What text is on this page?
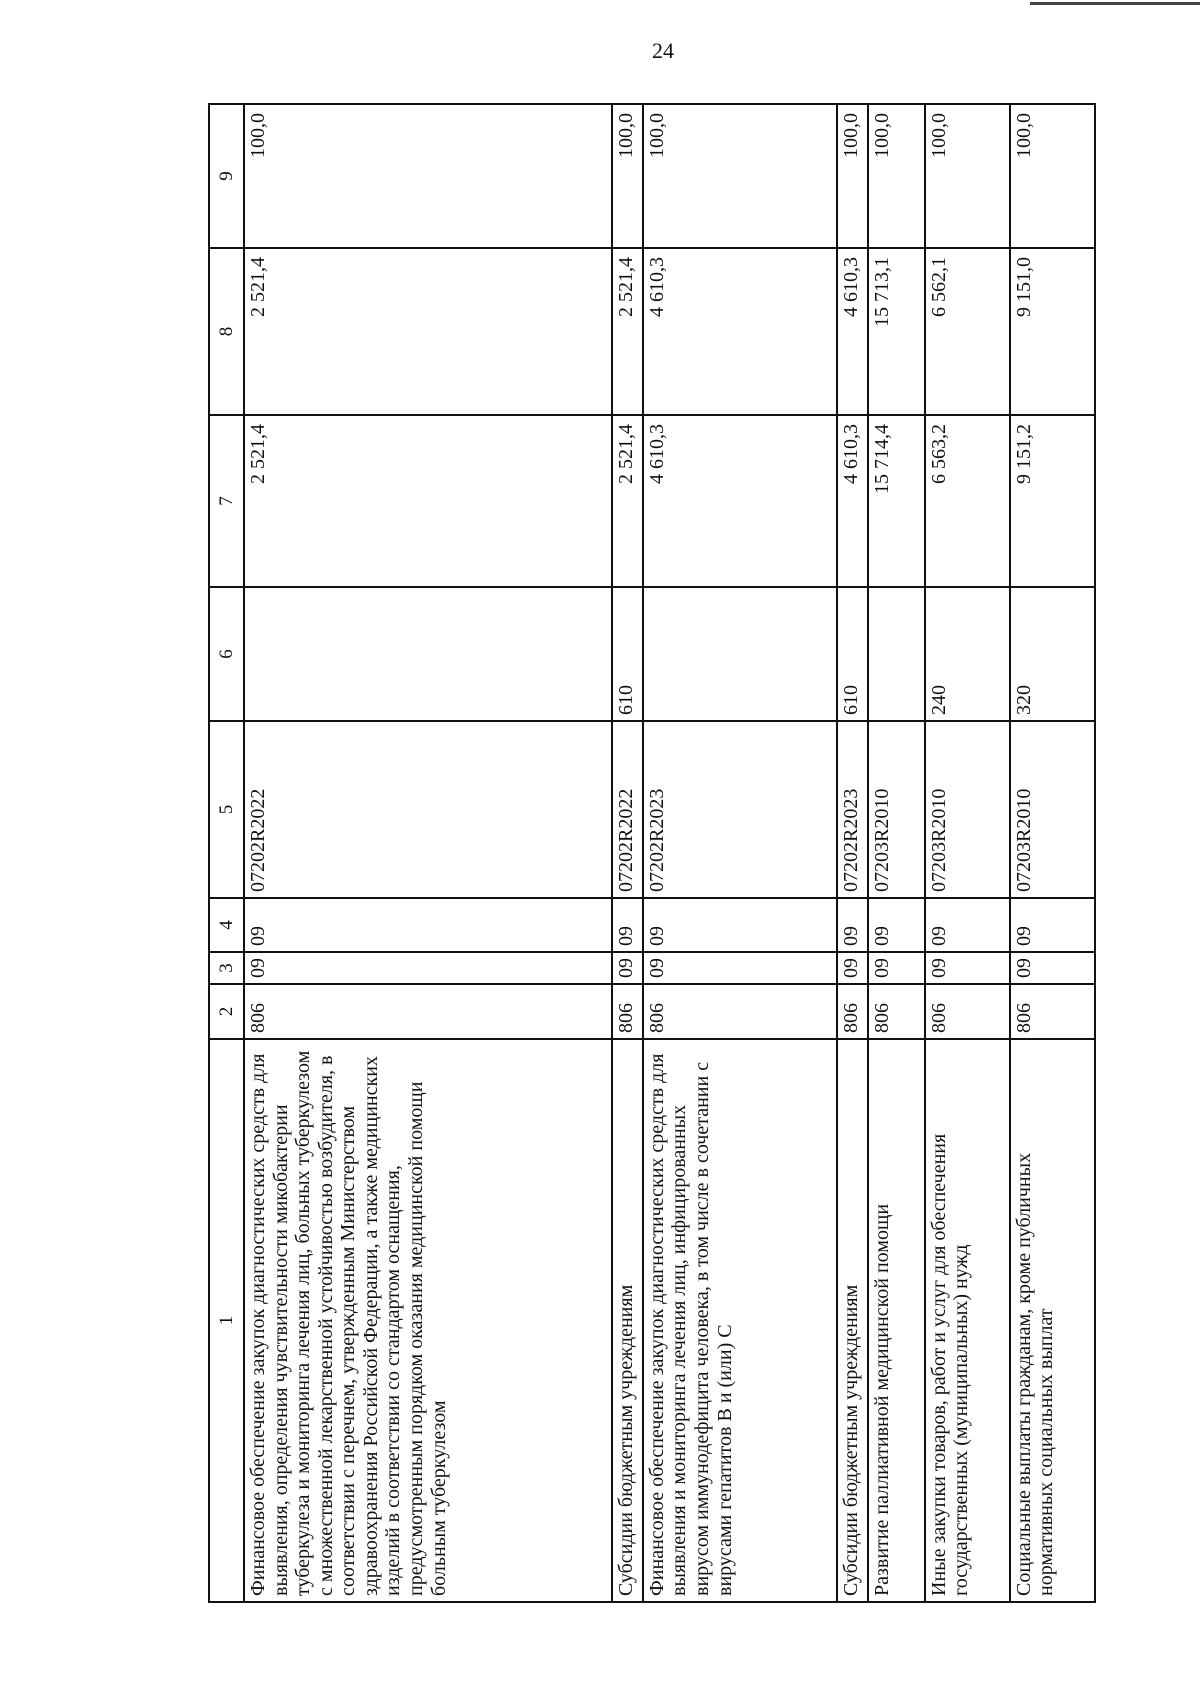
24
1	2	3	4	5	6	7	8	9
Финансовое обеспечение закупок диагностических средств для выявления, определения чувствительности микобактерии туберкулеза и мониторинга лечения лиц, больных туберкулезом с множественной лекарственной устойчивостью возбудителя, в соответствии с перечнем, утвержденным Министерством здравоохранения Российской Федерации, а также медицинских изделий в соответствии со стандартом оснащения, предусмотренным порядком оказания медицинской помощи больным туберкулезом	806	09	09	07202R2022		2 521,4	2 521,4	100,0
Субсидии бюджетным учреждениям	806	09	09	07202R2022	610	2 521,4	2 521,4	100,0
Финансовое обеспечение закупок диагностических средств для выявления и мониторинга лечения лиц, инфицированных вирусом иммунодефицита человека, в том числе в сочетании с вирусами гепатитов B и (или) C	806	09	09	07202R2023		4 610,3	4 610,3	100,0
Субсидии бюджетным учреждениям	806	09	09	07202R2023	610	4 610,3	4 610,3	100,0
Развитие паллиативной медицинской помощи	806	09	09	07203R2010		15 714,4	15 713,1	100,0
Иные закупки товаров, работ и услуг для обеспечения государственных (муниципальных) нужд	806	09	09	07203R2010	240	6 563,2	6 562,1	100,0
Социальные выплаты гражданам, кроме публичных нормативных социальных выплат	806	09	09	07203R2010	320	9 151,2	9 151,0	100,0
